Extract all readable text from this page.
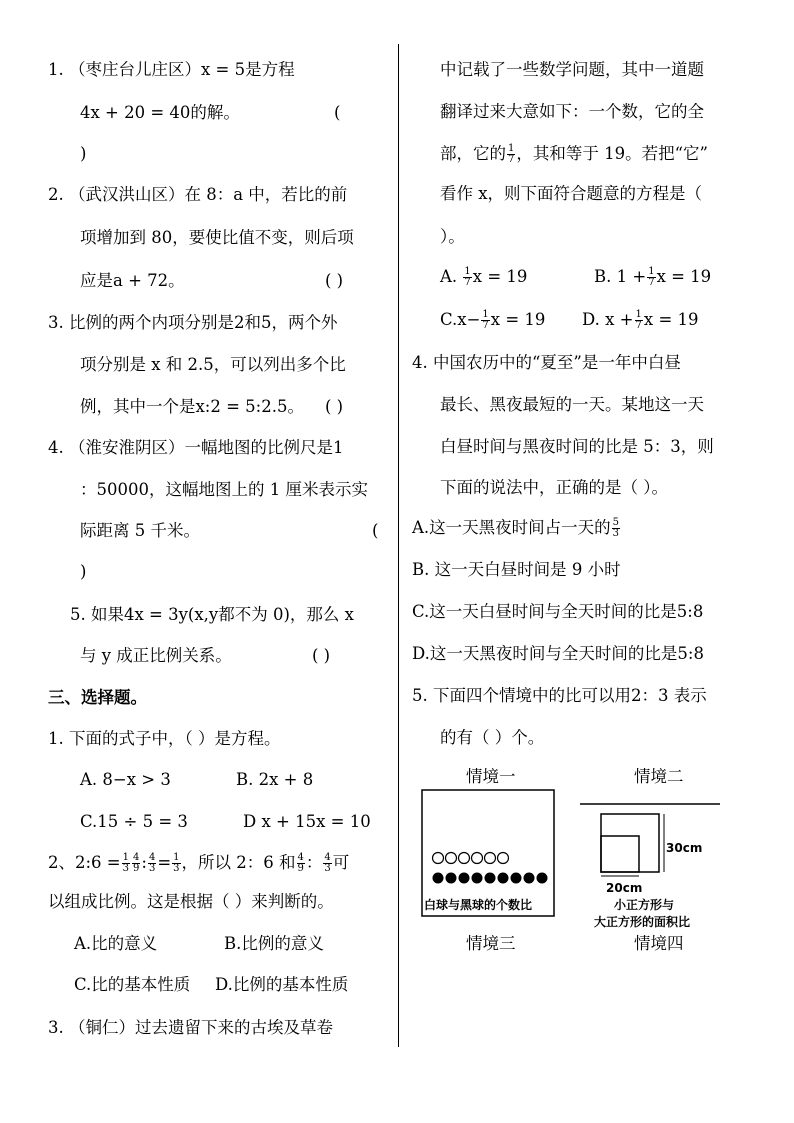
1. （枣庄台儿庄区）x = 5是方程
4x + 20 = 40的解。	(
)
2. （武汉洪山区）在 8：a 中，若比的前
项增加到 80，要使比值不变，则后项
应是a + 72。	( )
3. 比例的两个内项分别是2和5，两个外
项分别是 x 和 2.5，可以列出多个比
例，其中一个是x:2 = 5:2.5。 ( )
4. （淮安淮阴区）一幅地图的比例尺是1
：50000，这幅地图上的 1 厘米表示实
际距离 5 千米。	(
)
5. 如果4x = 3y(x,y都不为 0)，那么 x
与 y 成正比例关系。	( )
三、选择题。
1. 下面的式子中，（ ）是方程。
A. 8−x > 3	B. 2x + 8
C.15 ÷ 5 = 3	D x + 15x = 10
2、2:6 = $\frac{1}{3} \frac{4}{9}$ : $\frac{4}{3} = \frac{1}{3}$ ，所以 2：6 和 $\frac{4}{9}$ ： $\frac{4}{3}$ 可
以组成比例。这是根据（ ）来判断的。
A.比的意义	B.比例的意义
C.比的基本性质 D.比例的基本性质
3. （铜仁）过去遗留下来的古埃及草卷
中记载了一些数学问题，其中一道题
翻译过来大意如下：一个数，它的全
部，它的 $\frac{1}{7}$ ，其和等于 19。若把“它”
看作 x，则下面符合题意的方程是（
）。
A. $\frac{1}{7}$ x = 19	B. $1 + \frac{1}{7}$ x = 19
$C.x- \frac{1}{7}$ x = 19 D. $x + \frac{1}{7}$ x = 19
4. 中国农历中的“夏至”是一年中白昼
最长、黑夜最短的一天。某地这一天
白昼时间与黑夜时间的比是 5：3，则
下面的说法中，正确的是（ ）。
A.这一天黑夜时间占一天的 $\frac{5}{3}$
B. 这一天白昼时间是 9 小时
C.这一天白昼时间与全天时间的比是5:8
D.这一天黑夜时间与全天时间的比是5:8
5. 下面四个情境中的比可以用2：3 表示
的有（ ）个。
情境一	情境二
白球与黑球的个数比
30cm
20cm
小正方形与
大正方形的面积比
情境三	情境四
